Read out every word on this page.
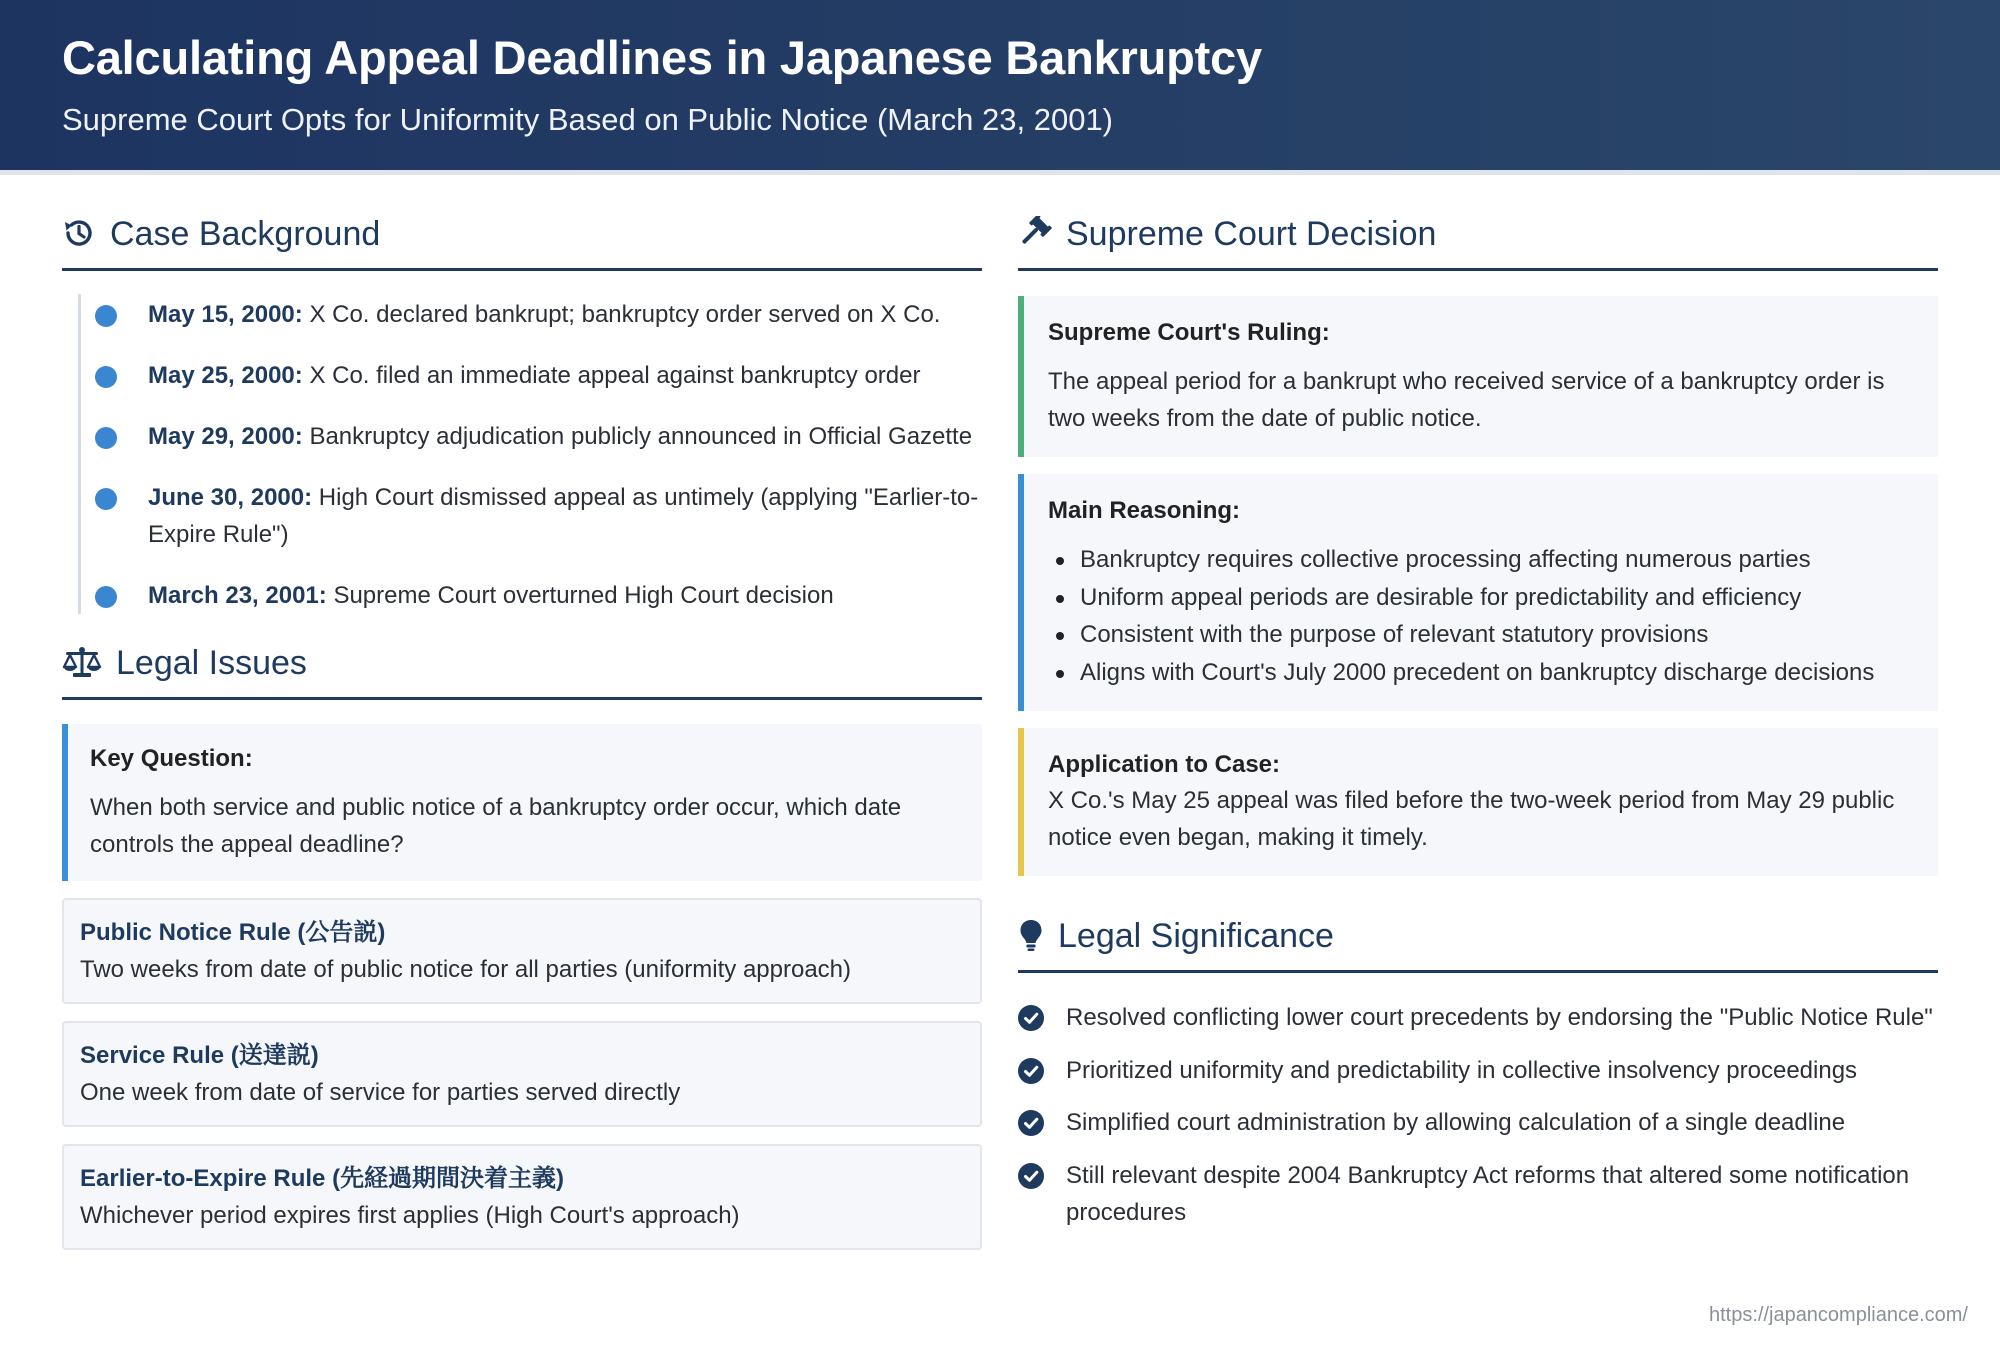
Calculating Appeal Deadlines in Japanese Bankruptcy
Supreme Court Opts for Uniformity Based on Public Notice (March 23, 2001)
Case Background
May 15, 2000: X Co. declared bankrupt; bankruptcy order served on X Co.
May 25, 2000: X Co. filed an immediate appeal against bankruptcy order
May 29, 2000: Bankruptcy adjudication publicly announced in Official Gazette
June 30, 2000: High Court dismissed appeal as untimely (applying "Earlier-to-Expire Rule")
March 23, 2001: Supreme Court overturned High Court decision
Legal Issues
Key Question:
When both service and public notice of a bankruptcy order occur, which date controls the appeal deadline?
Public Notice Rule (公告説)
Two weeks from date of public notice for all parties (uniformity approach)
Service Rule (送達説)
One week from date of service for parties served directly
Earlier-to-Expire Rule (先経過期間決着主義)
Whichever period expires first applies (High Court's approach)
Supreme Court Decision
Supreme Court's Ruling:
The appeal period for a bankrupt who received service of a bankruptcy order is two weeks from the date of public notice.
Main Reasoning:
Bankruptcy requires collective processing affecting numerous parties
Uniform appeal periods are desirable for predictability and efficiency
Consistent with the purpose of relevant statutory provisions
Aligns with Court's July 2000 precedent on bankruptcy discharge decisions
Application to Case:
X Co.'s May 25 appeal was filed before the two-week period from May 29 public notice even began, making it timely.
Legal Significance
Resolved conflicting lower court precedents by endorsing the "Public Notice Rule"
Prioritized uniformity and predictability in collective insolvency proceedings
Simplified court administration by allowing calculation of a single deadline
Still relevant despite 2004 Bankruptcy Act reforms that altered some notification procedures
https://japancompliance.com/
